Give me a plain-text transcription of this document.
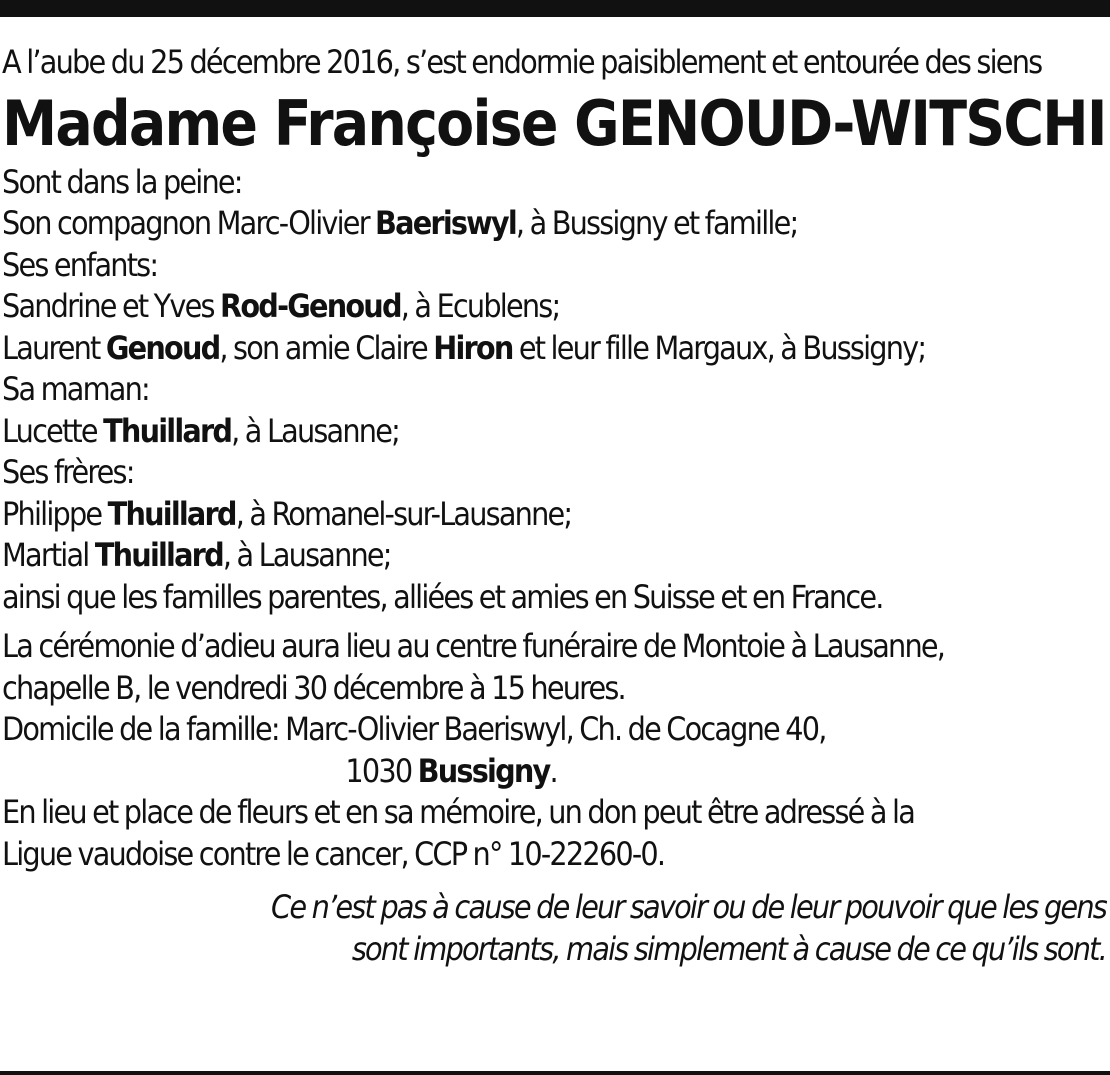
A l’aube du 25 décembre 2016, s’est endormie paisiblement et entourée des siens
Madame Françoise GENOUD-WITSCHI
Sont dans la peine:
Son compagnon Marc-Olivier Baeriswyl, à Bussigny et famille;
Ses enfants:
Sandrine et Yves Rod-Genoud, à Ecublens;
Laurent Genoud, son amie Claire Hiron et leur fille Margaux, à Bussigny;
Sa maman:
Lucette Thuillard, à Lausanne;
Ses frères:
Philippe Thuillard, à Romanel-sur-Lausanne;
Martial Thuillard, à Lausanne;
ainsi que les familles parentes, alliées et amies en Suisse et en France.
La cérémonie d’adieu aura lieu au centre funéraire de Montoie à Lausanne,
chapelle B, le vendredi 30 décembre à 15 heures.
Domicile de la famille: Marc-Olivier Baeriswyl, Ch. de Cocagne 40,
1030 Bussigny.
En lieu et place de fleurs et en sa mémoire, un don peut être adressé à la
Ligue vaudoise contre le cancer, CCP n° 10-22260-0.
Ce n’est pas à cause de leur savoir ou de leur pouvoir que les gens
sont importants, mais simplement à cause de ce qu’ils sont.
